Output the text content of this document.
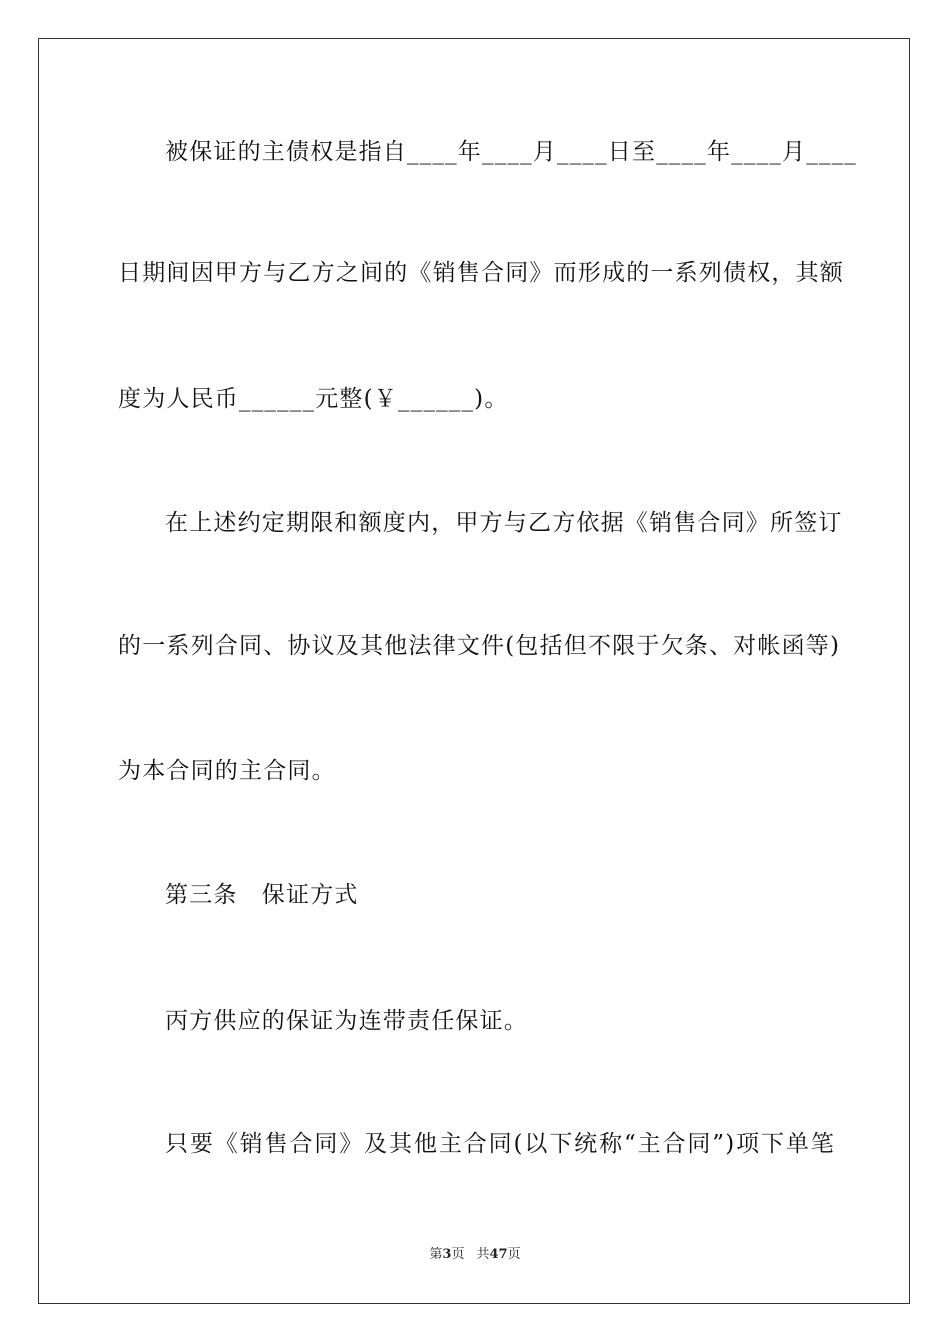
被保证的主债权是指自____年____月____日至____年____月____
日期间因甲方与乙方之间的《销售合同》而形成的一系列债权，其额
度为人民币______元整(￥______)。
在上述约定期限和额度内，甲方与乙方依据《销售合同》所签订
的一系列合同、协议及其他法律文件(包括但不限于欠条、对帐函等)
为本合同的主合同。
第三条　保证方式
丙方供应的保证为连带责任保证。
只要《销售合同》及其他主合同(以下统称“主合同”)项下单笔
第3页 共47页
